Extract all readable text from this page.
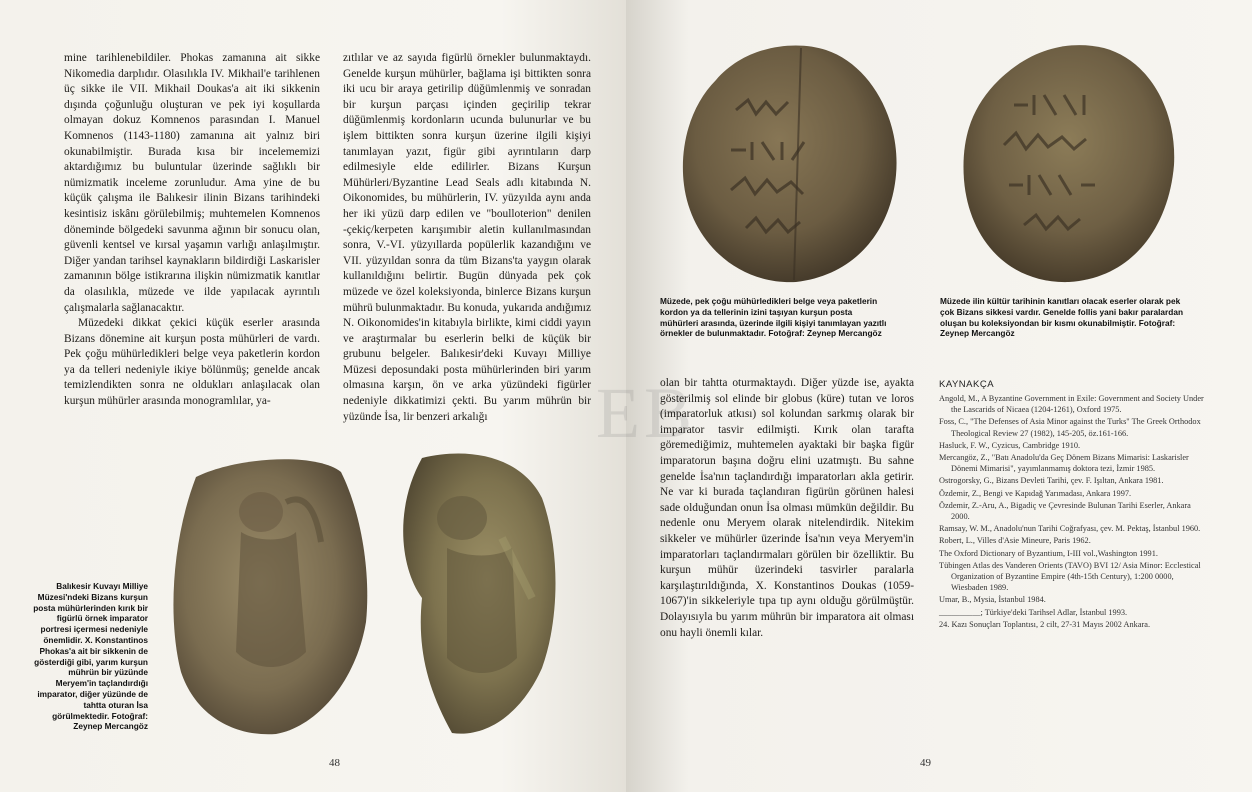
mine tarihlenebildiler. Phokas zamanına ait sikke Nikomedia darplıdır. Olasılıkla IV. Mikhail'e tarihlenen üç sikke ile VII. Mikhail Doukas'a ait iki sikkenin dışında çoğunluğu oluşturan ve pek iyi koşullarda olmayan dokuz Komnenos parasından I. Manuel Komnenos (1143-1180) zamanına ait yalnız biri okunabilmiştir. Burada kısa bir incelememizi aktardığımız bu buluntular üzerinde sağlıklı bir nümizmatik inceleme zorunludur. Ama yine de bu küçük çalışma ile Balıkesir ilinin Bizans tarihindeki kesintisiz iskânı görülebilmiş; muhtemelen Komnenos döneminde bölgedeki savunma ağının bir sonucu olan, güvenli kentsel ve kırsal yaşamın varlığı anlaşılmıştır. Diğer yandan tarihsel kaynakların bildirdiği Laskarisler zamanının bölge istikrarına ilişkin nümizmatik kanıtlar da olasılıkla, müzede ve ilde yapılacak ayrıntılı çalışmalarla sağlanacaktır.

Müzedeki dikkat çekici küçük eserler arasında Bizans dönemine ait kurşun posta mühürleri de vardı. Pek çoğu mühürledikleri belge veya paketlerin kordon ya da telleri nedeniyle ikiye bölünmüş; genelde ancak temizlendikten sonra ne oldukları anlaşılacak olan kurşun mühürler arasında monogramlılar, ya-

zıtlılar ve az sayıda figürlü örnekler bulunmaktaydı. Genelde kurşun mühürler, bağlama işi bittikten sonra iki ucu bir araya getirilip düğümlenmiş ve sonradan bir kurşun parçası içinden geçirilip tekrar düğümlenmiş kordonların ucunda bulunurlar ve bu işlem bittikten sonra kurşun üzerine ilgili kişiyi tanımlayan yazıt, figür gibi ayrıntıların darp edilmesiyle elde edilirler. Bizans Kurşun Mühürleri/Byzantine Lead Seals adlı kitabında N. Oikonomides, bu mühürlerin, IV. yüzyılda aynı anda her iki yüzü darp edilen ve "boulloterion" denilen -çekiç/kerpeten karışımıbir aletin kullanılmasından sonra, V.-VI. yüzyıllarda popülerlik kazandığını ve VII. yüzyıldan sonra da tüm Bizans'ta yaygın olarak kullanıldığını belirtir. Bugün dünyada pek çok müzede ve özel koleksiyonda, binlerce Bizans kurşun mührü bulunmaktadır. Bu konuda, yukarıda andığımız N. Oikonomides'in kitabıyla birlikte, kimi ciddi yayın ve araştırmalar bu eserlerin belki de küçük bir grubunu belgeler. Balıkesir'deki Kuvayı Milliye Müzesi deposundaki posta mühürlerinden biri yarım olmasına karşın, ön ve arka yüzündeki figürler nedeniyle dikkatimizi çekti. Bu yarım mührün bir yüzünde İsa, lir benzeri arkalığı

Balıkesir Kuvayı Milliye Müzesi'ndeki Bizans kurşun posta mühürlerinden kırık bir figürlü örnek imparator portresi içermesi nedeniyle önemlidir. X. Konstantinos Phokas'a ait bir sikkenin de gösterdiği gibi, yarım kurşun mührün bir yüzünde Meryem'in taçlandırdığı imparator, diğer yüzünde de tahtta oturan İsa görülmektedir. Fotoğraf: Zeynep Mercangöz
48
Müzede, pek çoğu mühürledikleri belge veya paketlerin kordon ya da tellerinin izini taşıyan kurşun posta mühürleri arasında, üzerinde ilgili kişiyi tanımlayan yazıtlı örnekler de bulunmaktadır. Fotoğraf: Zeynep Mercangöz
Müzede ilin kültür tarihinin kanıtları olacak eserler olarak pek çok Bizans sikkesi vardır. Genelde follis yani bakır paralardan oluşan bu koleksiyondan bir kısmı okunabilmiştir. Fotoğraf: Zeynep Mercangöz
EB

olan bir tahtta oturmaktaydı. Diğer yüzde ise, ayakta gösterilmiş sol elinde bir globus (küre) tutan ve loros (imparatorluk atkısı) sol kolundan sarkmış olarak bir imparator tasvir edilmişti. Kırık olan tarafta göremediğimiz, muhtemelen ayaktaki bir başka figür imparatorun başına doğru elini uzatmıştı. Bu sahne genelde İsa'nın taçlandırdığı imparatorları akla getirir. Ne var ki burada taçlandıran figürün görünen halesi sade olduğundan onun İsa olması mümkün değildir. Bu nedenle onu Meryem olarak nitelendirdik. Nitekim sikkeler ve mühürler üzerinde İsa'nın veya Meryem'in imparatorları taçlandırmaları görülen bir özelliktir. Bu kurşun mühür üzerindeki tasvirler paralarla karşılaştırıldığında, X. Konstantinos Doukas (1059-1067)'in sikkeleriyle tıpa tıp aynı olduğu görülmüştür. Dolayısıyla bu yarım mührün bir imparatora ait olması onu hayli önemli kılar.

KAYNAKÇA

Angold, M., A Byzantine Government in Exile: Government and Society Under the Lascarids of Nicaea (1204-1261), Oxford 1975.

Foss, C., "The Defenses of Asia Minor against the Turks" The Greek Orthodox Theological Review 27 (1982), 145-205, öz.161-166.

Hasluck, F. W., Cyzicus, Cambridge 1910.

Mercangöz, Z., "Batı Anadolu'da Geç Dönem Bizans Mimarisi: Laskarisler Dönemi Mimarisi", yayımlanmamış doktora tezi, İzmir 1985.

Ostrogorsky, G., Bizans Devleti Tarihi, çev. F. Işıltan, Ankara 1981.

Özdemir, Z., Bengi ve Kapıdağ Yarımadası, Ankara 1997.

Özdemir, Z.-Aru, A., Bigadiç ve Çevresinde Bulunan Tarihi Eserler, Ankara 2000.

Ramsay, W. M., Anadolu'nun Tarihi Coğrafyası, çev. M. Pektaş, İstanbul 1960.

Robert, L., Villes d'Asie Mineure, Paris 1962.

The Oxford Dictionary of Byzantium, I-III vol.,Washington 1991.

Tübingen Atlas des Vanderen Orients (TAVO) BVI 12/ Asia Minor: Ecclestical Organization of Byzantine Empire (4th-15th Century), 1:200 0000, Wiesbaden 1989.

Umar, B., Mysia, İstanbul 1984.

__________; Türkiye'deki Tarihsel Adlar, İstanbul 1993.

24. Kazı Sonuçları Toplantısı, 2 cilt, 27-31 Mayıs 2002 Ankara.

49
